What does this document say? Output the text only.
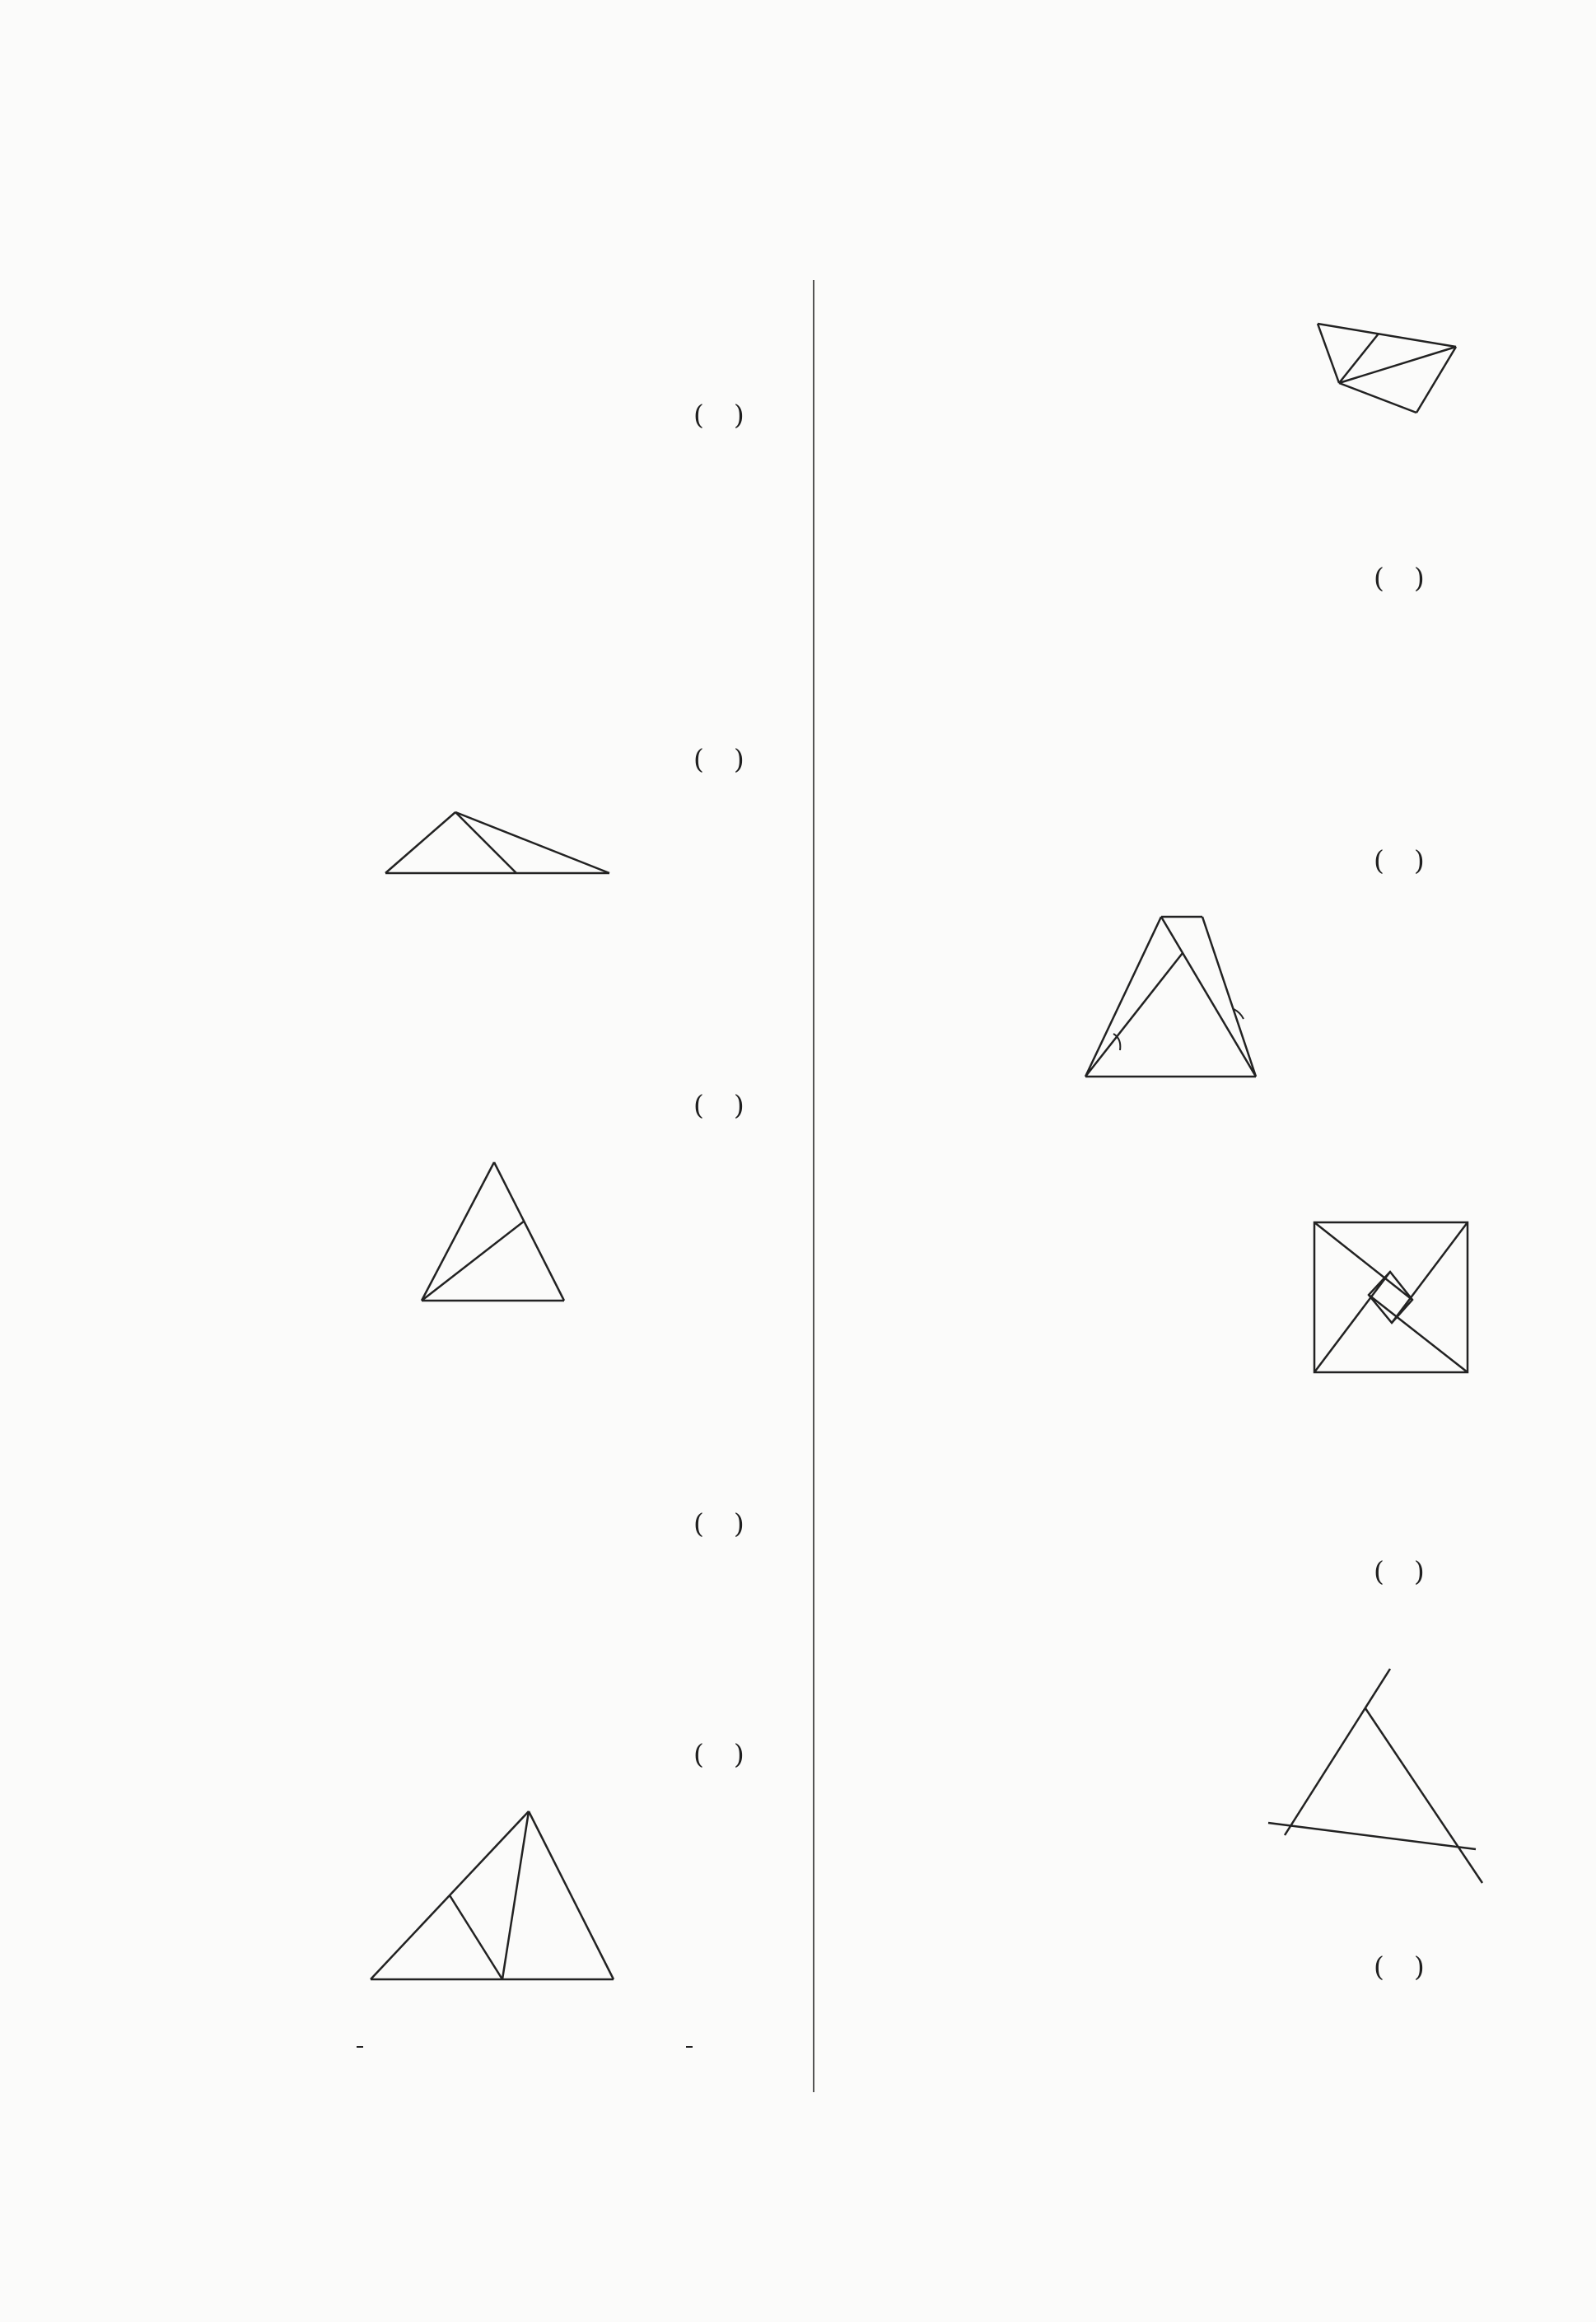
( )
( )
( )
( )
( )

( )
( )
( )
( )
